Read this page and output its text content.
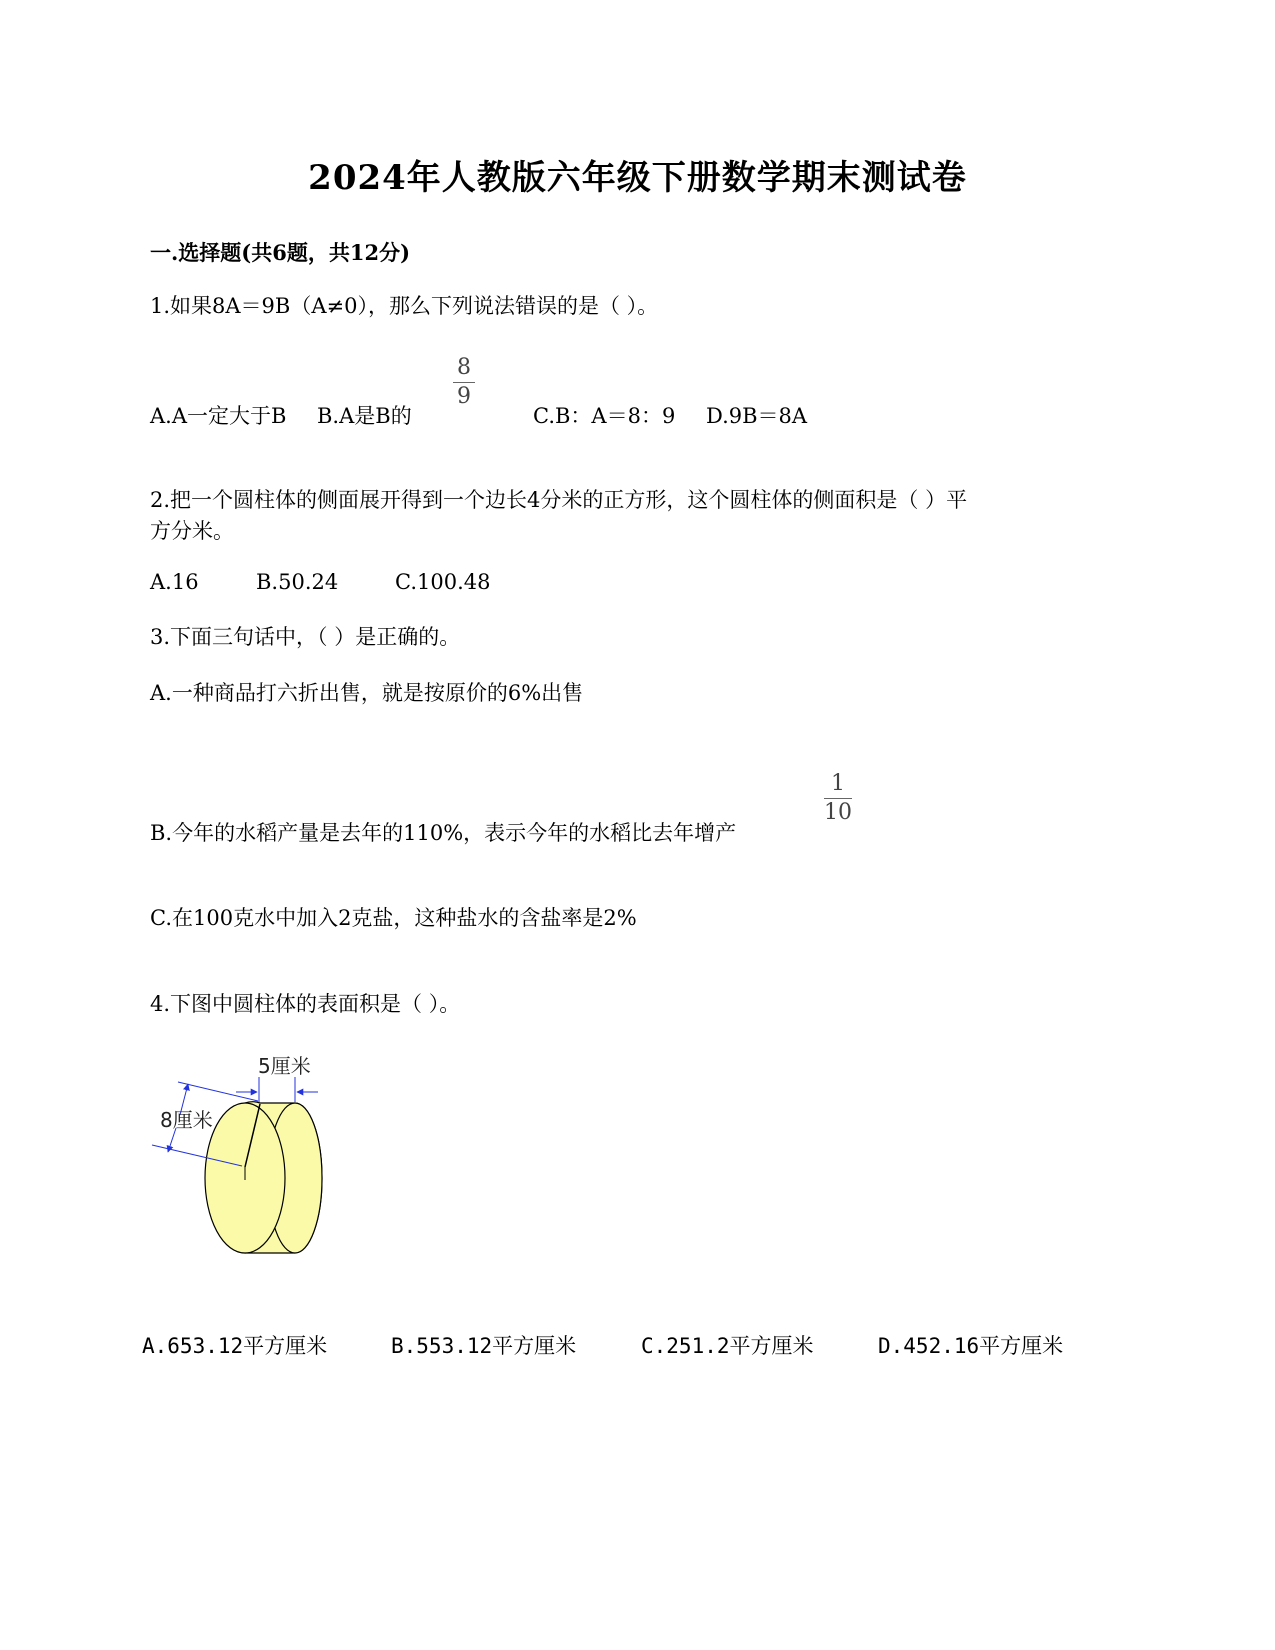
2024年人教版六年级下册数学期末测试卷
一.选择题(共6题，共12分)
1.如果8A＝9B（A≠0），那么下列说法错误的是（ ）。
8
9
A.A一定大于B B.A是B的	C.B：A＝8：9 D.9B＝8A
2.把一个圆柱体的侧面展开得到一个边长4分米的正方形，这个圆柱体的侧面积是（ ）平
方分米。
A.16	B.50.24	C.100.48
3.下面三句话中，（ ）是正确的。
A.一种商品打六折出售，就是按原价的6%出售
1
10
B.今年的水稻产量是去年的110%，表示今年的水稻比去年增产
C.在100克水中加入2克盐，这种盐水的含盐率是2%
4.下图中圆柱体的表面积是（ ）。
5厘米
8厘米
A.653.12平方厘米	B.553.12平方厘米	C.251.2平方厘米	D.452.16平方厘米
